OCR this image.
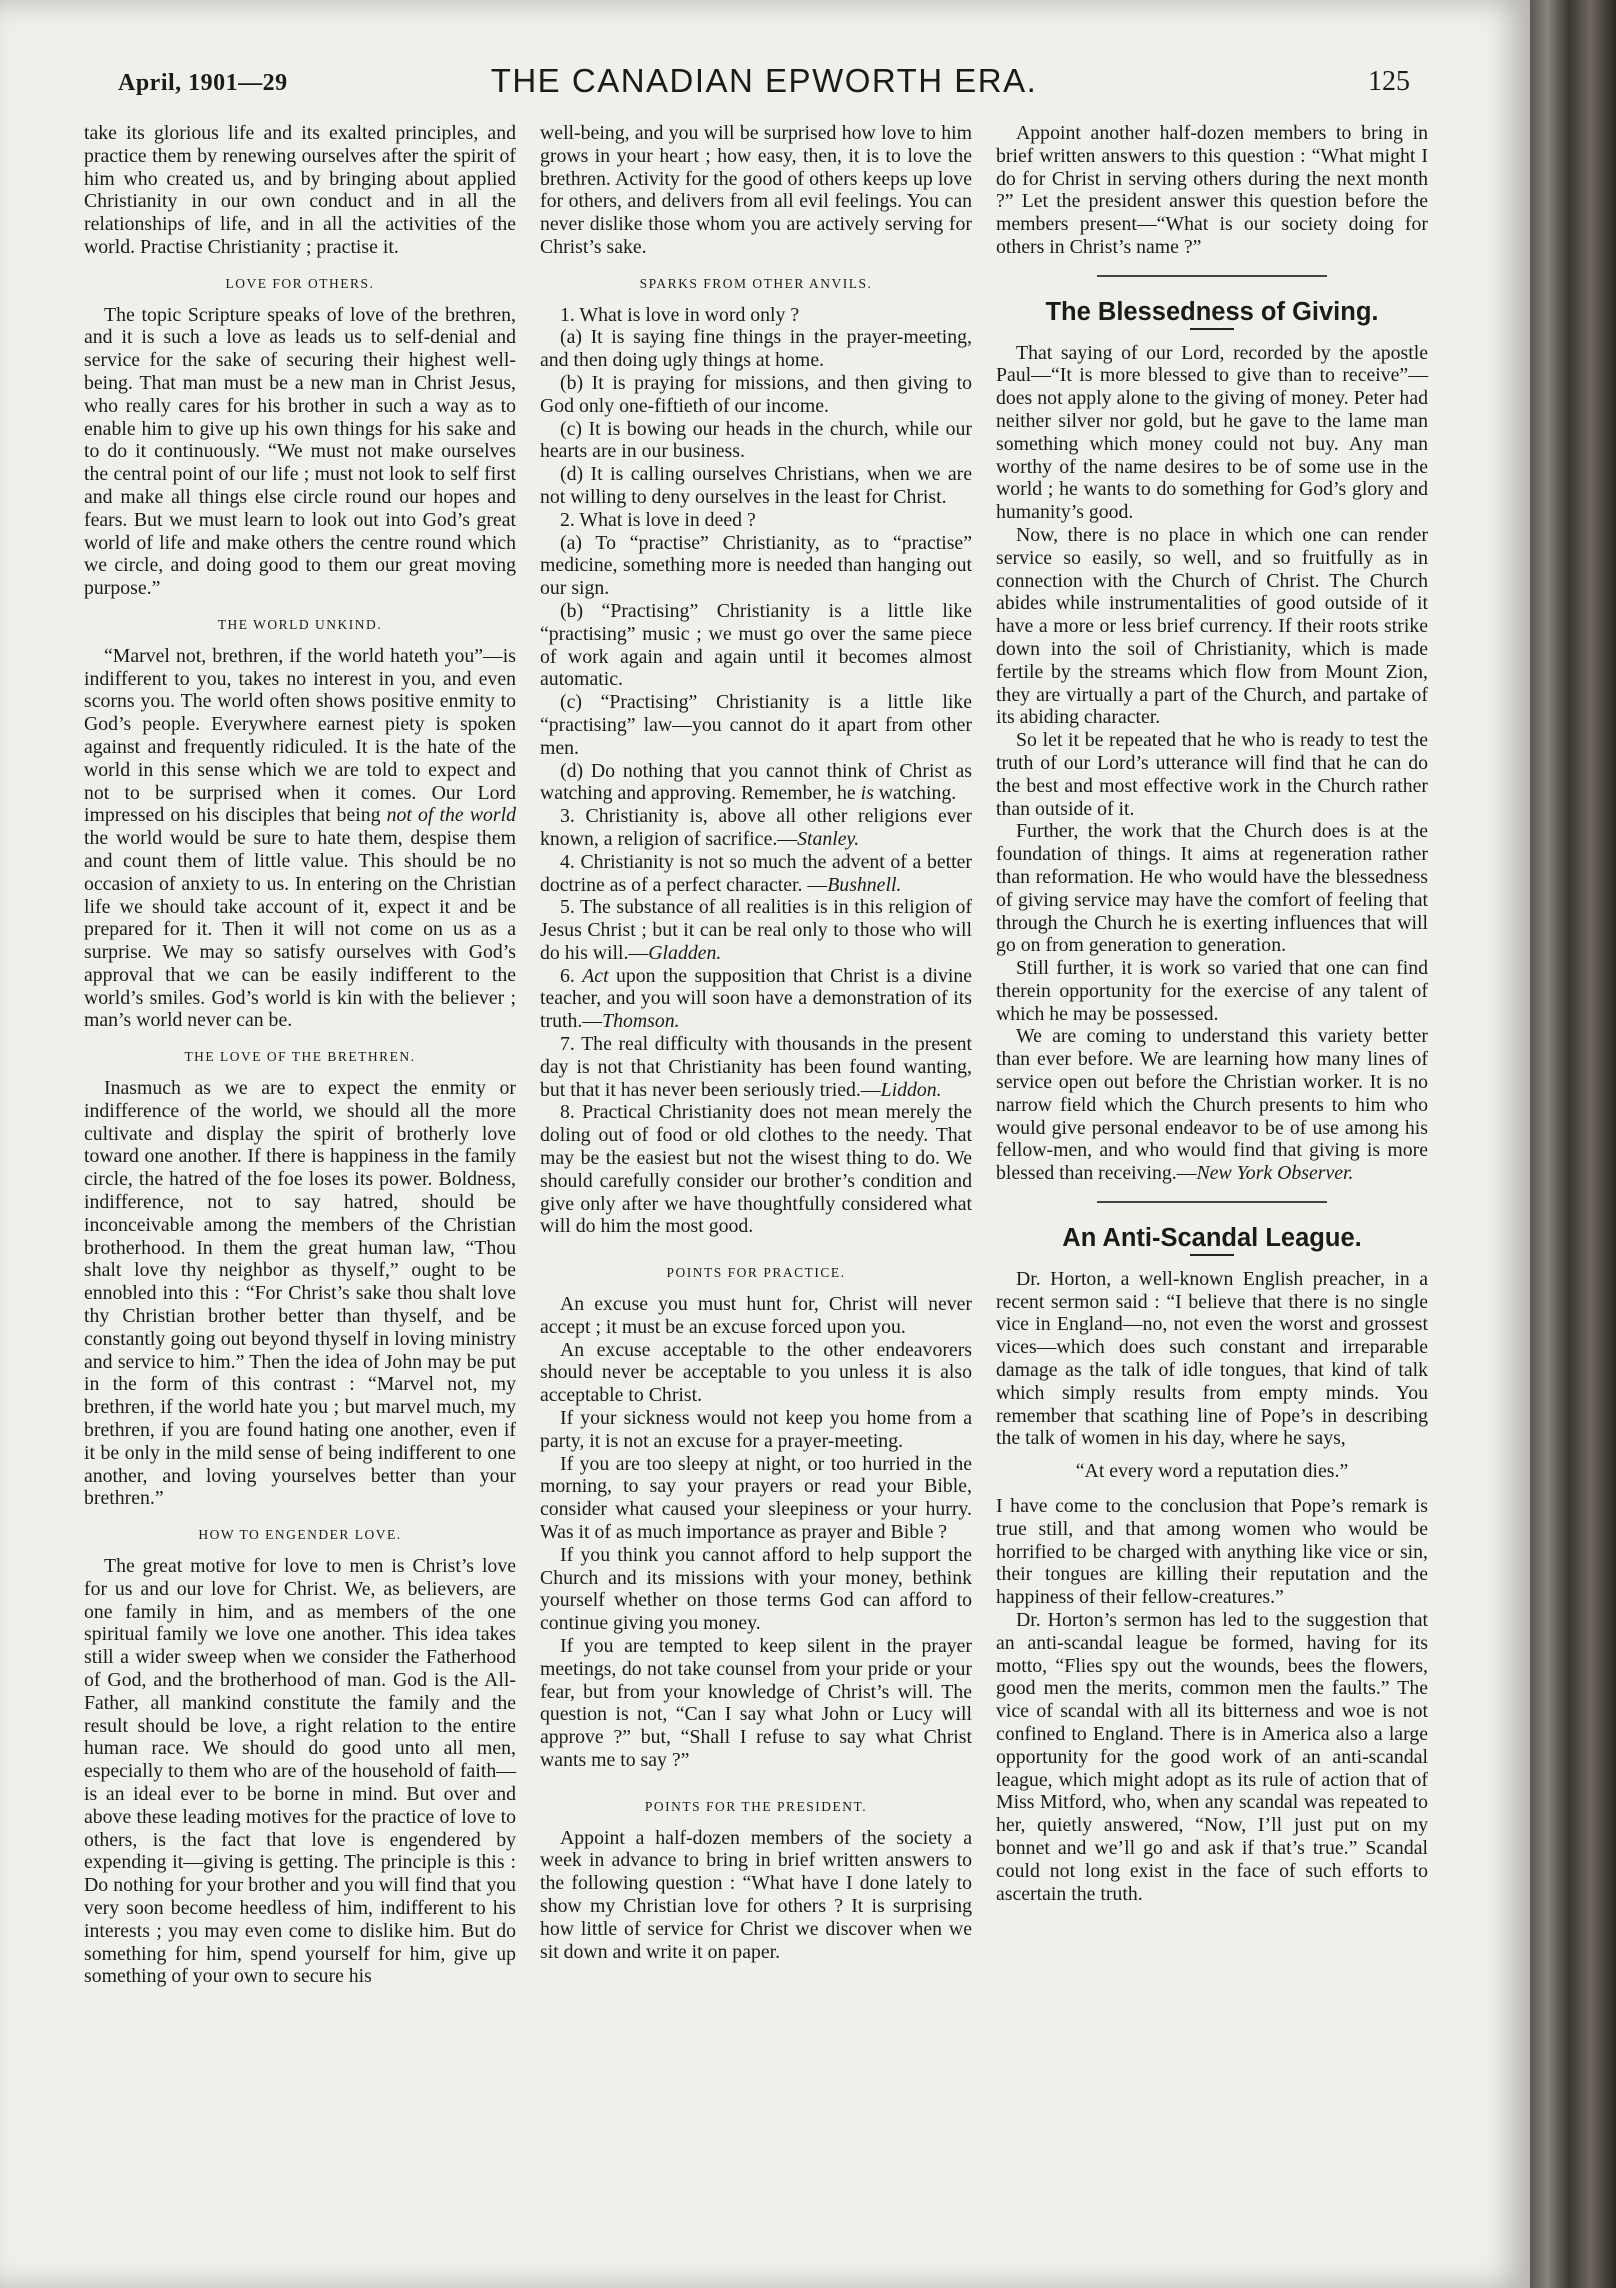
April, 1901—29	THE CANADIAN EPWORTH ERA.	125

take its glorious life and its exalted principles, and practice them by renewing ourselves after the spirit of him who created us, and by bringing about applied Christianity in our own conduct and in all the relationships of life, and in all the activities of the world. Practise Christianity ; practise it.

LOVE FOR OTHERS.

The topic Scripture speaks of love of the brethren, and it is such a love as leads us to self-denial and service for the sake of securing their highest well-being. That man must be a new man in Christ Jesus, who really cares for his brother in such a way as to enable him to give up his own things for his sake and to do it continuously. “We must not make ourselves the central point of our life ; must not look to self first and make all things else circle round our hopes and fears. But we must learn to look out into God’s great world of life and make others the centre round which we circle, and doing good to them our great moving purpose.”

THE WORLD UNKIND.

“Marvel not, brethren, if the world hateth you”—is indifferent to you, takes no interest in you, and even scorns you. The world often shows positive enmity to God’s people. Everywhere earnest piety is spoken against and frequently ridiculed. It is the hate of the world in this sense which we are told to expect and not to be surprised when it comes. Our Lord impressed on his disciples that being not of the world the world would be sure to hate them, despise them and count them of little value. This should be no occasion of anxiety to us. In entering on the Christian life we should take account of it, expect it and be prepared for it. Then it will not come on us as a surprise. We may so satisfy ourselves with God’s approval that we can be easily indifferent to the world’s smiles. God’s world is kin with the believer ; man’s world never can be.

THE LOVE OF THE BRETHREN.

Inasmuch as we are to expect the enmity or indifference of the world, we should all the more cultivate and display the spirit of brotherly love toward one another. If there is happiness in the family circle, the hatred of the foe loses its power. Boldness, indifference, not to say hatred, should be inconceivable among the members of the Christian brotherhood. In them the great human law, “Thou shalt love thy neighbor as thyself,” ought to be ennobled into this : “For Christ’s sake thou shalt love thy Christian brother better than thyself, and be constantly going out beyond thyself in loving ministry and service to him.” Then the idea of John may be put in the form of this contrast : “Marvel not, my brethren, if the world hate you ; but marvel much, my brethren, if you are found hating one another, even if it be only in the mild sense of being indifferent to one another, and loving yourselves better than your brethren.”

HOW TO ENGENDER LOVE.

The great motive for love to men is Christ’s love for us and our love for Christ. We, as believers, are one family in him, and as members of the one spiritual family we love one another. This idea takes still a wider sweep when we consider the Fatherhood of God, and the brotherhood of man. God is the All-Father, all mankind constitute the family and the result should be love, a right relation to the entire human race. We should do good unto all men, especially to them who are of the household of faith—is an ideal ever to be borne in mind. But over and above these leading motives for the practice of love to others, is the fact that love is engendered by expending it—giving is getting. The principle is this : Do nothing for your brother and you will find that you very soon become heedless of him, indifferent to his interests ; you may even come to dislike him. But do something for him, spend yourself for him, give up something of your own to secure his

well-being, and you will be surprised how love to him grows in your heart ; how easy, then, it is to love the brethren. Activity for the good of others keeps up love for others, and delivers from all evil feelings. You can never dislike those whom you are actively serving for Christ’s sake.

SPARKS FROM OTHER ANVILS.

1. What is love in word only ?

(a) It is saying fine things in the prayer-meeting, and then doing ugly things at home.

(b) It is praying for missions, and then giving to God only one-fiftieth of our income.

(c) It is bowing our heads in the church, while our hearts are in our business.

(d) It is calling ourselves Christians, when we are not willing to deny ourselves in the least for Christ.

2. What is love in deed ?

(a) To “practise” Christianity, as to “practise” medicine, something more is needed than hanging out our sign.

(b) “Practising” Christianity is a little like “practising” music ; we must go over the same piece of work again and again until it becomes almost automatic.

(c) “Practising” Christianity is a little like “practising” law—you cannot do it apart from other men.

(d) Do nothing that you cannot think of Christ as watching and approving. Remember, he is watching.

3. Christianity is, above all other religions ever known, a religion of sacrifice.—Stanley.

4. Christianity is not so much the advent of a better doctrine as of a perfect character. —Bushnell.

5. The substance of all realities is in this religion of Jesus Christ ; but it can be real only to those who will do his will.—Gladden.

6. Act upon the supposition that Christ is a divine teacher, and you will soon have a demonstration of its truth.—Thomson.

7. The real difficulty with thousands in the present day is not that Christianity has been found wanting, but that it has never been seriously tried.—Liddon.

8. Practical Christianity does not mean merely the doling out of food or old clothes to the needy. That may be the easiest but not the wisest thing to do. We should carefully consider our brother’s condition and give only after we have thoughtfully considered what will do him the most good.

POINTS FOR PRACTICE.

An excuse you must hunt for, Christ will never accept ; it must be an excuse forced upon you.

An excuse acceptable to the other endeavorers should never be acceptable to you unless it is also acceptable to Christ.

If your sickness would not keep you home from a party, it is not an excuse for a prayer-meeting.

If you are too sleepy at night, or too hurried in the morning, to say your prayers or read your Bible, consider what caused your sleepiness or your hurry. Was it of as much importance as prayer and Bible ?

If you think you cannot afford to help support the Church and its missions with your money, bethink yourself whether on those terms God can afford to continue giving you money.

If you are tempted to keep silent in the prayer meetings, do not take counsel from your pride or your fear, but from your knowledge of Christ’s will. The question is not, “Can I say what John or Lucy will approve ?” but, “Shall I refuse to say what Christ wants me to say ?”

POINTS FOR THE PRESIDENT.

Appoint a half-dozen members of the society a week in advance to bring in brief written answers to the following question : “What have I done lately to show my Christian love for others ? It is surprising how little of service for Christ we discover when we sit down and write it on paper.

Appoint another half-dozen members to bring in brief written answers to this question : “What might I do for Christ in serving others during the next month ?” Let the president answer this question before the members present—“What is our society doing for others in Christ’s name ?”

The Blessedness of Giving.

That saying of our Lord, recorded by the apostle Paul—“It is more blessed to give than to receive”—does not apply alone to the giving of money. Peter had neither silver nor gold, but he gave to the lame man something which money could not buy. Any man worthy of the name desires to be of some use in the world ; he wants to do something for God’s glory and humanity’s good.

Now, there is no place in which one can render service so easily, so well, and so fruitfully as in connection with the Church of Christ. The Church abides while instrumentalities of good outside of it have a more or less brief currency. If their roots strike down into the soil of Christianity, which is made fertile by the streams which flow from Mount Zion, they are virtually a part of the Church, and partake of its abiding character.

So let it be repeated that he who is ready to test the truth of our Lord’s utterance will find that he can do the best and most effective work in the Church rather than outside of it.

Further, the work that the Church does is at the foundation of things. It aims at regeneration rather than reformation. He who would have the blessedness of giving service may have the comfort of feeling that through the Church he is exerting influences that will go on from generation to generation.

Still further, it is work so varied that one can find therein opportunity for the exercise of any talent of which he may be possessed.

We are coming to understand this variety better than ever before. We are learning how many lines of service open out before the Christian worker. It is no narrow field which the Church presents to him who would give personal endeavor to be of use among his fellow-men, and who would find that giving is more blessed than receiving.—New York Observer.

An Anti-Scandal League.

Dr. Horton, a well-known English preacher, in a recent sermon said : “I believe that there is no single vice in England—no, not even the worst and grossest vices—which does such constant and irreparable damage as the talk of idle tongues, that kind of talk which simply results from empty minds. You remember that scathing line of Pope’s in describing the talk of women in his day, where he says,

“At every word a reputation dies.”

I have come to the conclusion that Pope’s remark is true still, and that among women who would be horrified to be charged with anything like vice or sin, their tongues are killing their reputation and the happiness of their fellow-creatures.”

Dr. Horton’s sermon has led to the suggestion that an anti-scandal league be formed, having for its motto, “Flies spy out the wounds, bees the flowers, good men the merits, common men the faults.” The vice of scandal with all its bitterness and woe is not confined to England. There is in America also a large opportunity for the good work of an anti-scandal league, which might adopt as its rule of action that of Miss Mitford, who, when any scandal was repeated to her, quietly answered, “Now, I’ll just put on my bonnet and we’ll go and ask if that’s true.” Scandal could not long exist in the face of such efforts to ascertain the truth.
